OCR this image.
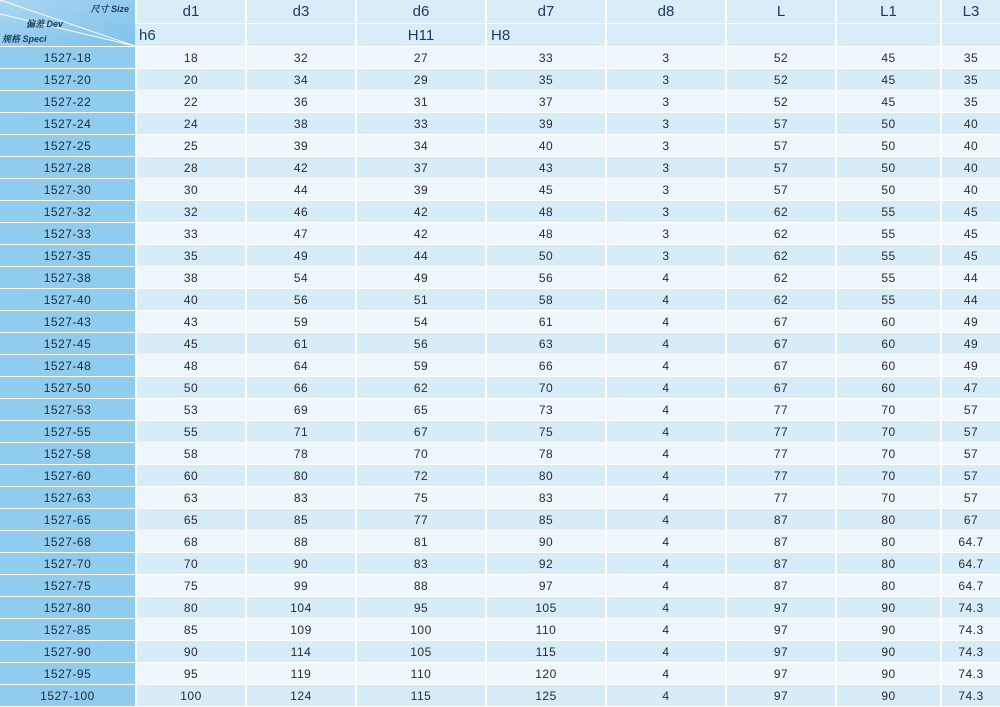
尺寸 Size
偏差 Dev
规格 Speci	d1	d3	d6	d7	d8	L	L1	L3
	h6		H11	H8				
1527-18	18	32	27	33	3	52	45	35
1527-20	20	34	29	35	3	52	45	35
1527-22	22	36	31	37	3	52	45	35
1527-24	24	38	33	39	3	57	50	40
1527-25	25	39	34	40	3	57	50	40
1527-28	28	42	37	43	3	57	50	40
1527-30	30	44	39	45	3	57	50	40
1527-32	32	46	42	48	3	62	55	45
1527-33	33	47	42	48	3	62	55	45
1527-35	35	49	44	50	3	62	55	45
1527-38	38	54	49	56	4	62	55	44
1527-40	40	56	51	58	4	62	55	44
1527-43	43	59	54	61	4	67	60	49
1527-45	45	61	56	63	4	67	60	49
1527-48	48	64	59	66	4	67	60	49
1527-50	50	66	62	70	4	67	60	47
1527-53	53	69	65	73	4	77	70	57
1527-55	55	71	67	75	4	77	70	57
1527-58	58	78	70	78	4	77	70	57
1527-60	60	80	72	80	4	77	70	57
1527-63	63	83	75	83	4	77	70	57
1527-65	65	85	77	85	4	87	80	67
1527-68	68	88	81	90	4	87	80	64.7
1527-70	70	90	83	92	4	87	80	64.7
1527-75	75	99	88	97	4	87	80	64.7
1527-80	80	104	95	105	4	97	90	74.3
1527-85	85	109	100	110	4	97	90	74.3
1527-90	90	114	105	115	4	97	90	74.3
1527-95	95	119	110	120	4	97	90	74.3
1527-100	100	124	115	125	4	97	90	74.3
